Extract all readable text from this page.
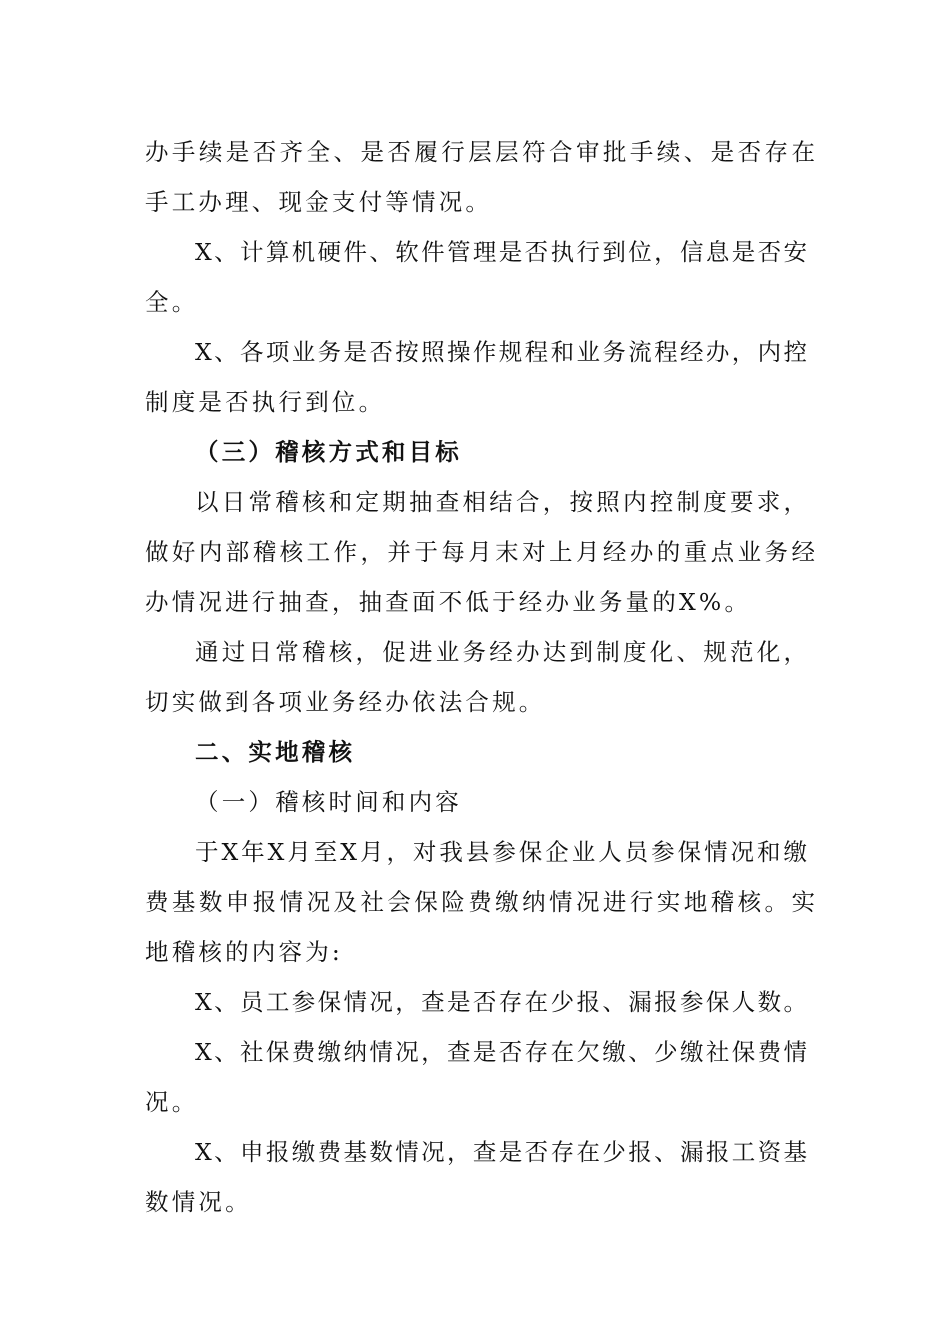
办手续是否齐全、是否履行层层符合审批手续、是否存在
手工办理、现金支付等情况。
X、计算机硬件、软件管理是否执行到位，信息是否安
全。
X、各项业务是否按照操作规程和业务流程经办，内控
制度是否执行到位。
（三）稽核方式和目标
以日常稽核和定期抽查相结合，按照内控制度要求，
做好内部稽核工作，并于每月末对上月经办的重点业务经
办情况进行抽查，抽查面不低于经办业务量的X%。
通过日常稽核，促进业务经办达到制度化、规范化，
切实做到各项业务经办依法合规。
二、实地稽核
（一）稽核时间和内容
于X年X月至X月，对我县参保企业人员参保情况和缴
费基数申报情况及社会保险费缴纳情况进行实地稽核。实
地稽核的内容为:
X、员工参保情况，查是否存在少报、漏报参保人数。
X、社保费缴纳情况，查是否存在欠缴、少缴社保费情
况。
X、申报缴费基数情况，查是否存在少报、漏报工资基
数情况。
